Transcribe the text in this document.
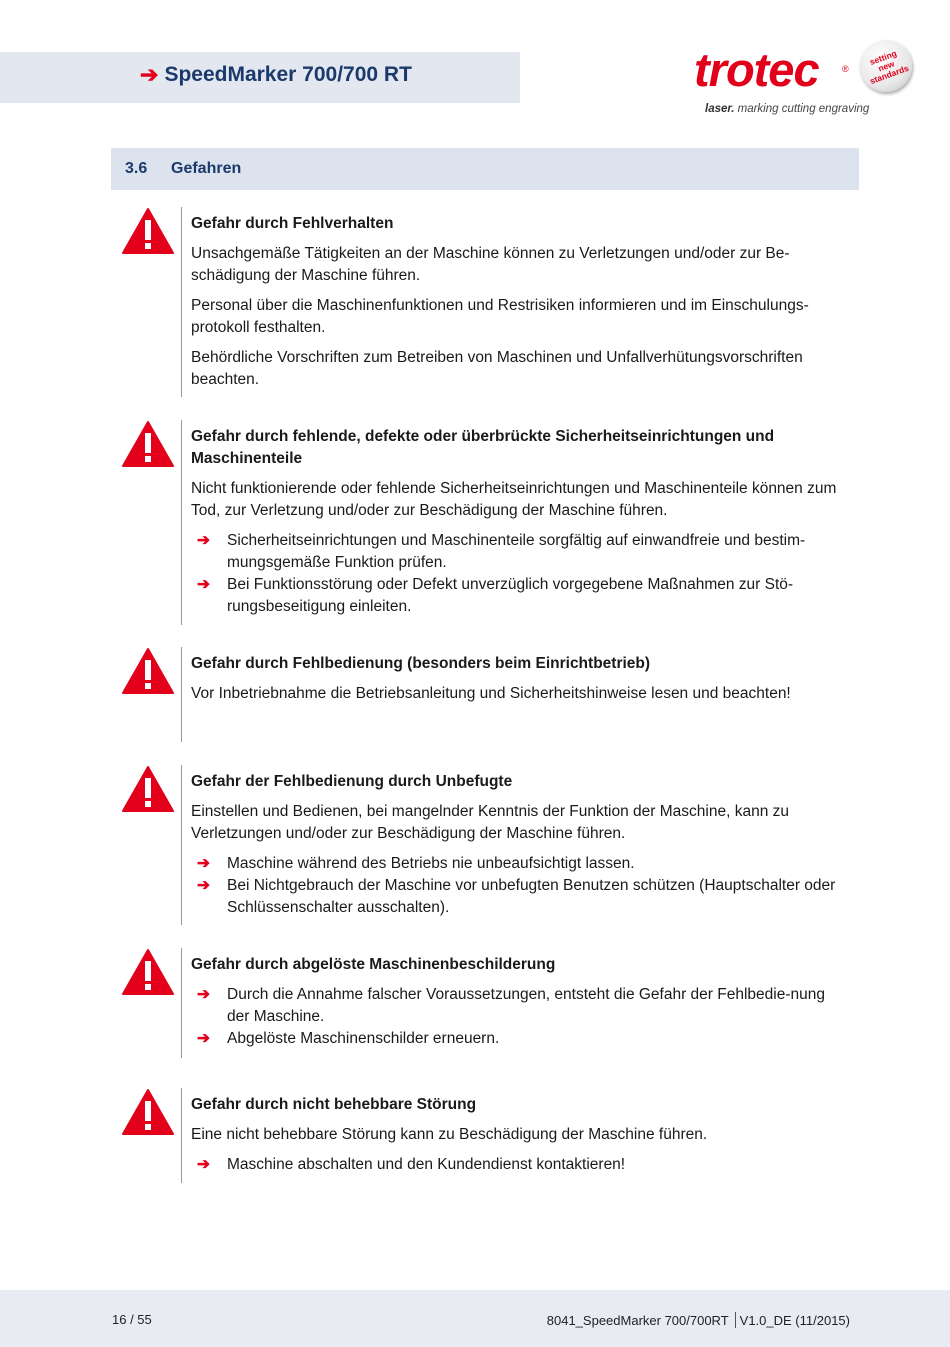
➔ SpeedMarker 700/700 RT	trotec	®
setting
new
standards
laser. marking cutting engraving
3.6	Gefahren
Gefahr durch Fehlverhalten

Unsachgemäße Tätigkeiten an der Maschine können zu Verletzungen und/oder zur Be-schädigung der Maschine führen.

Personal über die Maschinenfunktionen und Restrisiken informieren und im Einschulungs-protokoll festhalten.

Behördliche Vorschriften zum Betreiben von Maschinen und Unfallverhütungsvorschriften beachten.

Gefahr durch fehlende, defekte oder überbrückte Sicherheitseinrichtungen und Maschinenteile

Nicht funktionierende oder fehlende Sicherheitseinrichtungen und Maschinenteile können zum Tod, zur Verletzung und/oder zur Beschädigung der Maschine führen.

➔ Sicherheitseinrichtungen und Maschinenteile sorgfältig auf einwandfreie und bestim-mungsgemäße Funktion prüfen.
➔ Bei Funktionsstörung oder Defekt unverzüglich vorgegebene Maßnahmen zur Stö-rungsbeseitigung einleiten.
Gefahr durch Fehlbedienung (besonders beim Einrichtbetrieb)

Vor Inbetriebnahme die Betriebsanleitung und Sicherheitshinweise lesen und beachten!

Gefahr der Fehlbedienung durch Unbefugte

Einstellen und Bedienen, bei mangelnder Kenntnis der Funktion der Maschine, kann zu Verletzungen und/oder zur Beschädigung der Maschine führen.

➔ Maschine während des Betriebs nie unbeaufsichtigt lassen.
➔ Bei Nichtgebrauch der Maschine vor unbefugten Benutzen schützen (Hauptschalter oder Schlüssenschalter ausschalten).
Gefahr durch abgelöste Maschinenbeschilderung
➔ Durch die Annahme falscher Voraussetzungen, entsteht die Gefahr der Fehlbedie-nung der Maschine.
➔ Abgelöste Maschinenschilder erneuern.
Gefahr durch nicht behebbare Störung

Eine nicht behebbare Störung kann zu Beschädigung der Maschine führen.

➔ Maschine abschalten und den Kundendienst kontaktieren!
16 / 55	8041_SpeedMarker 700/700RT V1.0_DE (11/2015)
